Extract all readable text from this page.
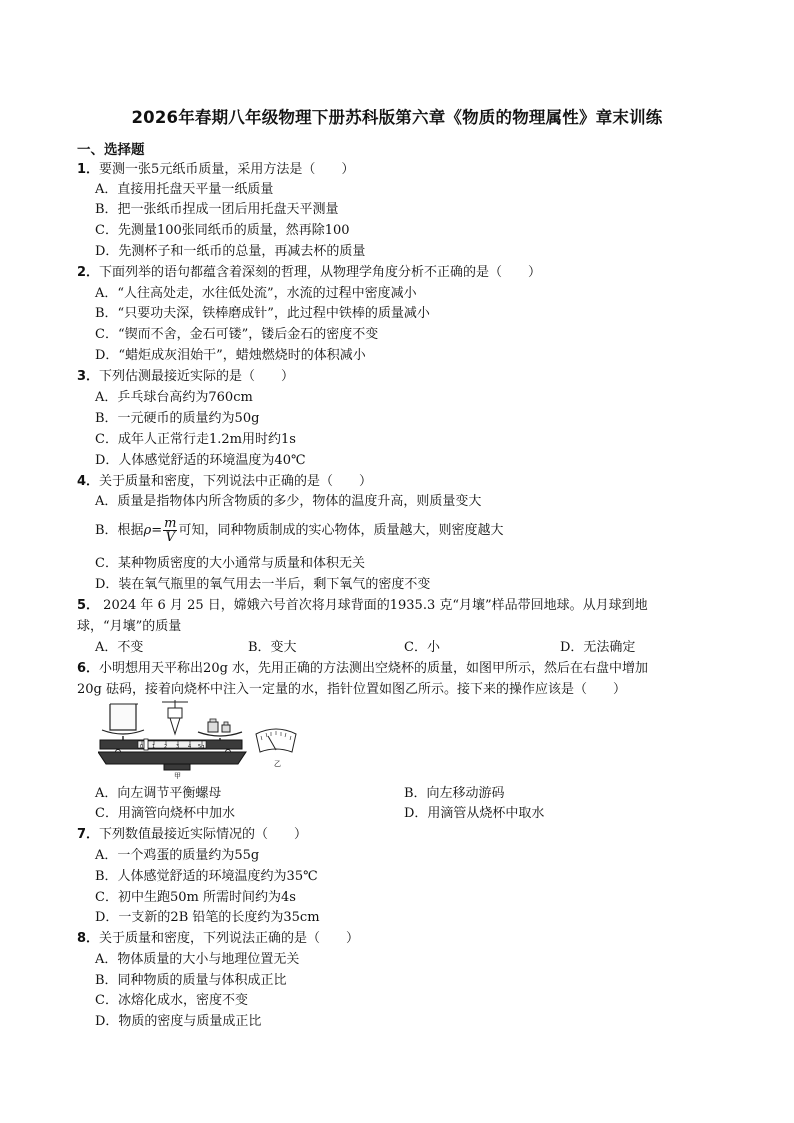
2026年春期八年级物理下册苏科版第六章《物质的物理属性》章末训练
一、选择题
1．要测一张5元纸币质量，采用方法是（　　）
A．直接用托盘天平量一纸质量
B．把一张纸币捏成一团后用托盘天平测量
C．先测量100张同纸币的质量，然再除100
D．先测杯子和一纸币的总量，再减去杯的质量
2．下面列举的语句都蕴含着深刻的哲理，从物理学角度分析不正确的是（　　）
A．“人往高处走，水往低处流”，水流的过程中密度减小
B．“只要功夫深，铁棒磨成针”，此过程中铁棒的质量减小
C．“锲而不舍，金石可镂”，镂后金石的密度不变
D．“蜡炬成灰泪始干”，蜡烛燃烧时的体积减小
3．下列估测最接近实际的是（　　）
A．乒乓球台高约为760cm
B．一元硬币的质量约为50g
C．成年人正常行走1.2m用时约1s
D．人体感觉舒适的环境温度为40℃
4．关于质量和密度，下列说法中正确的是（　　）
A．质量是指物体内所含物质的多少，物体的温度升高，则质量变大
B．根据$\rho= \frac{m}{V}$ 可知，同种物质制成的实心物体，质量越大，则密度越大
C．某种物质密度的大小通常与质量和体积无关
D．装在氧气瓶里的氧气用去一半后，剩下氧气的密度不变
5． 2024 年 6 月 25 日，嫦娥六号首次将月球背面的1935.3 克“月壤”样品带回地球。从月球到地
球，“月壤”的质量
A．不变	B．变大	C．小	D．无法确定
6．小明想用天平称出20g 水，先用正确的方法测出空烧杯的质量，如图甲所示，然后在右盘中增加
20g 砝码，接着向烧杯中注入一定量的水，指针位置如图乙所示。接下来的操作应该是（　　）
0 1 2 3 4 5g
甲
乙
A．向左调节平衡螺母	B．向左移动游码
C．用滴管向烧杯中加水	D．用滴管从烧杯中取水
7．下列数值最接近实际情况的（　　）
A．一个鸡蛋的质量约为55g
B．人体感觉舒适的环境温度约为35℃
C．初中生跑50m 所需时间约为4s
D．一支新的2B 铅笔的长度约为35cm
8．关于质量和密度，下列说法正确的是（　　）
A．物体质量的大小与地理位置无关
B．同种物质的质量与体积成正比
C．冰熔化成水，密度不变
D．物质的密度与质量成正比
